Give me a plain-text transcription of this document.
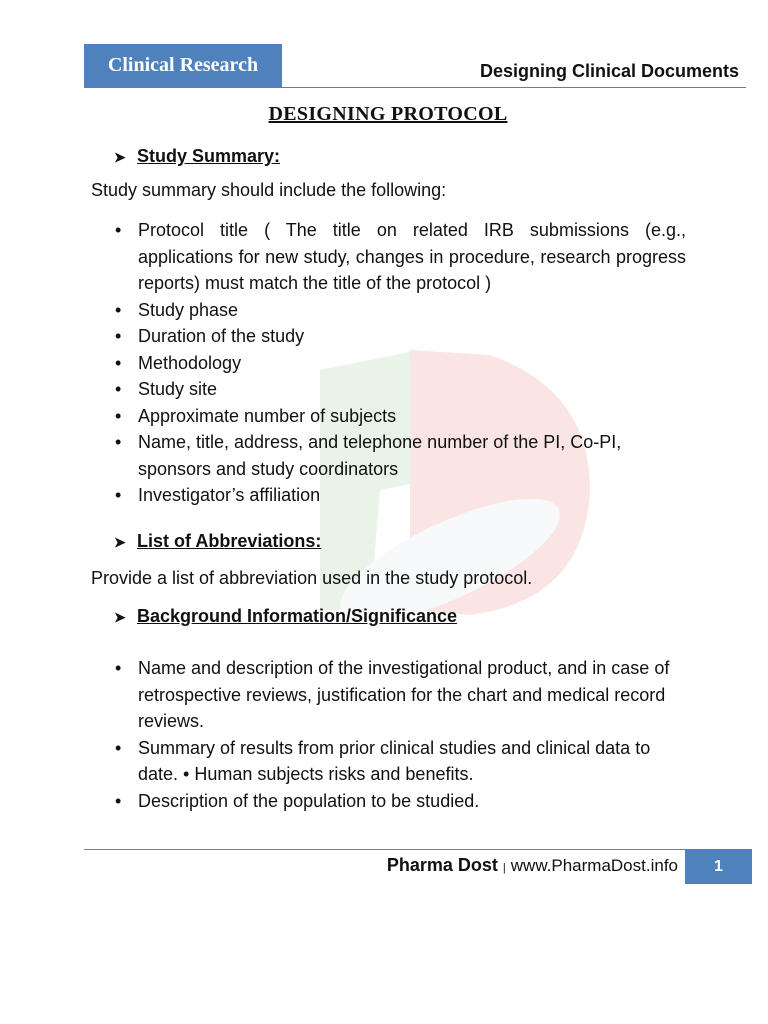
Clinical Research	Designing Clinical Documents
DESIGNING PROTOCOL
➤ Study Summary:
Study summary should include the following:
• Protocol title ( The title on related IRB submissions (e.g., applications for new study, changes in procedure, research progress reports) must match the title of the protocol )
• Study phase
• Duration of the study
• Methodology
• Study site
• Approximate number of subjects
• Name, title, address, and telephone number of the PI, Co-PI, sponsors and study coordinators
• Investigator’s affiliation
➤ List of Abbreviations:
Provide a list of abbreviation used in the study protocol.
➤ Background Information/Significance
• Name and description of the investigational product, and in case of retrospective reviews, justification for the chart and medical record reviews.
• Summary of results from prior clinical studies and clinical data to date. • Human subjects risks and benefits.
• Description of the population to be studied.
Pharma Dost | www.PharmaDost.info	1
